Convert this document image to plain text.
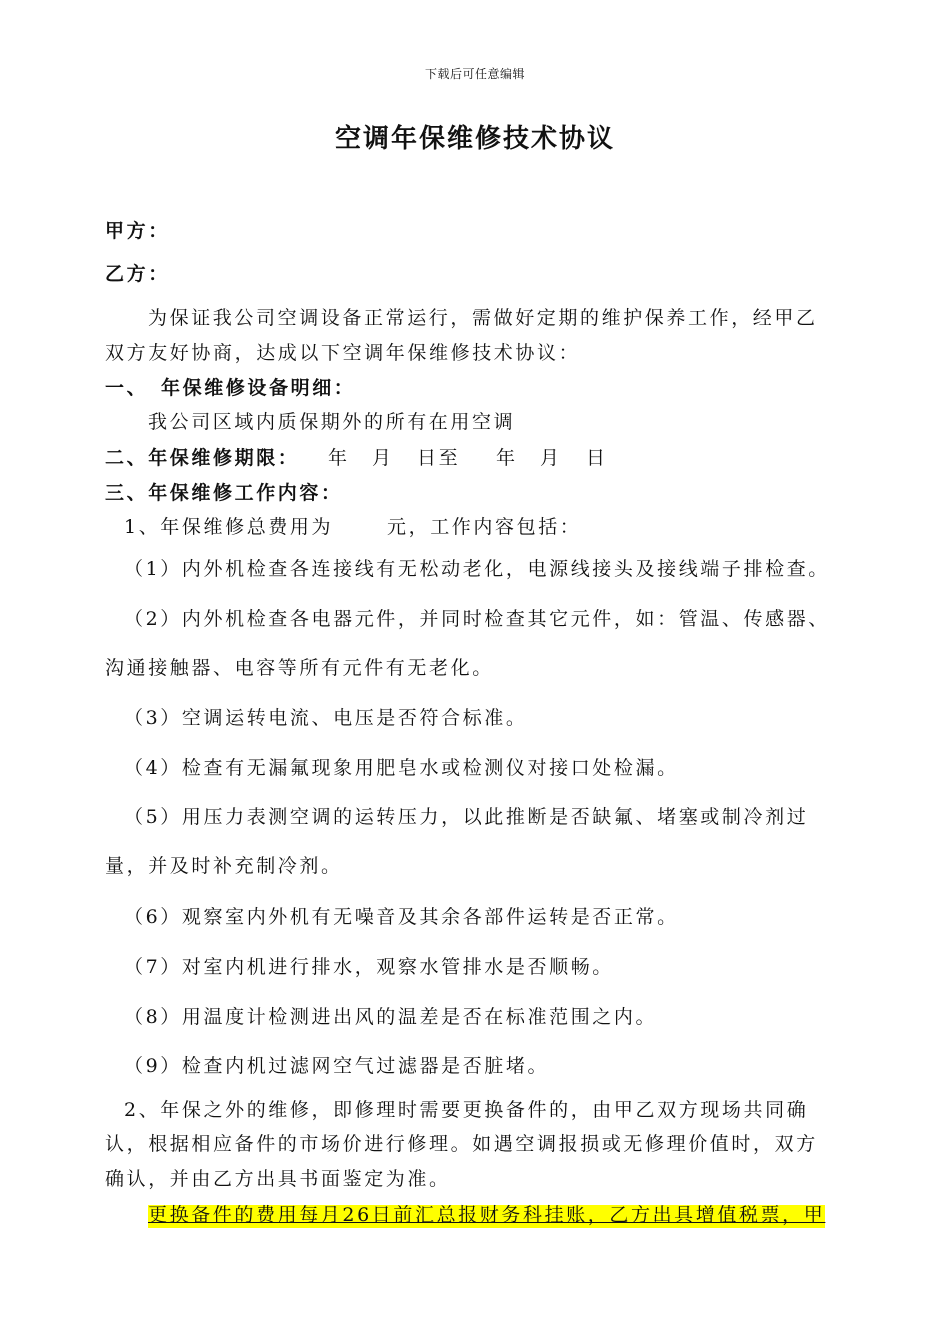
下载后可任意编辑
空调年保维修技术协议
甲方：
乙方：
为保证我公司空调设备正常运行，需做好定期的维护保养工作，经甲乙
双方友好协商，达成以下空调年保维修技术协议：
一、 年保维修设备明细：
我公司区域内质保期外的所有在用空调
二、年保维修期限： 年 月 日至 年 月 日
三、年保维修工作内容：
1、年保维修总费用为	元，工作内容包括：
（1）内外机检查各连接线有无松动老化，电源线接头及接线端子排检查。
（2）内外机检查各电器元件，并同时检查其它元件，如：管温、传感器、
沟通接触器、电容等所有元件有无老化。
（3）空调运转电流、电压是否符合标准。
（4）检查有无漏氟现象用肥皂水或检测仪对接口处检漏。
（5）用压力表测空调的运转压力，以此推断是否缺氟、堵塞或制冷剂过
量，并及时补充制冷剂。
（6）观察室内外机有无噪音及其余各部件运转是否正常。
（7）对室内机进行排水，观察水管排水是否顺畅。
（8）用温度计检测进出风的温差是否在标准范围之内。
（9）检查内机过滤网空气过滤器是否脏堵。
2、年保之外的维修，即修理时需要更换备件的，由甲乙双方现场共同确
认，根据相应备件的市场价进行修理。如遇空调报损或无修理价值时，双方
确认，并由乙方出具书面鉴定为准。
更换备件的费用每月26日前汇总报财务科挂账，乙方出具增值税票，甲
